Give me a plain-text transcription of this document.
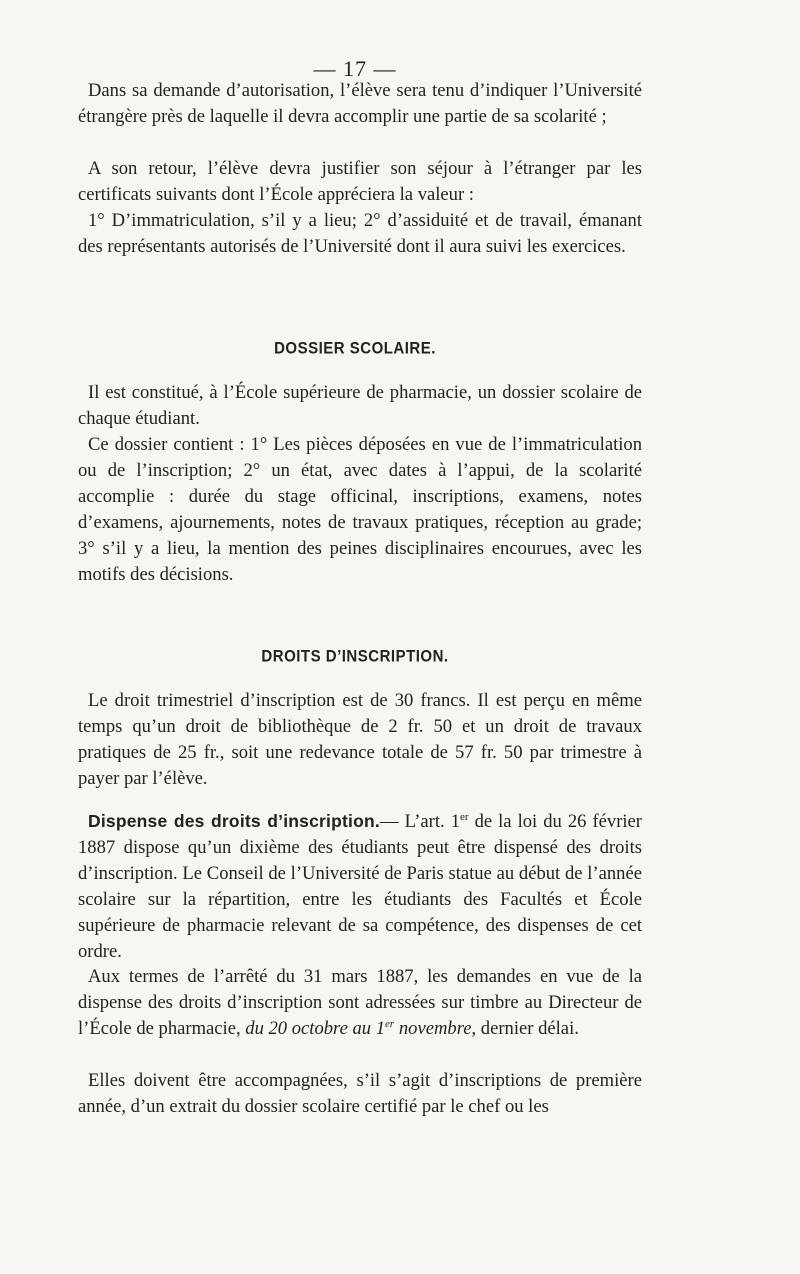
— 17 —

Dans sa demande d’autorisation, l’élève sera tenu d’indiquer l’Université étrangère près de laquelle il devra accomplir une partie de sa scolarité ;

A son retour, l’élève devra justifier son séjour à l’étranger par les certificats suivants dont l’École appréciera la valeur :

1° D’immatriculation, s’il y a lieu; 2° d’assiduité et de travail, émanant des représentants autorisés de l’Université dont il aura suivi les exercices.

DOSSIER SCOLAIRE.

Il est constitué, à l’École supérieure de pharmacie, un dossier scolaire de chaque étudiant.

Ce dossier contient : 1° Les pièces déposées en vue de l’immatriculation ou de l’inscription; 2° un état, avec dates à l’appui, de la scolarité accomplie : durée du stage officinal, inscriptions, examens, notes d’examens, ajournements, notes de travaux pratiques, réception au grade; 3° s’il y a lieu, la mention des peines disciplinaires encourues, avec les motifs des décisions.

DROITS D’INSCRIPTION.

Le droit trimestriel d’inscription est de 30 francs. Il est perçu en même temps qu’un droit de bibliothèque de 2 fr. 50 et un droit de travaux pratiques de 25 fr., soit une redevance totale de 57 fr. 50 par trimestre à payer par l’élève.

Dispense des droits d’inscription.— L’art. 1er de la loi du 26 février 1887 dispose qu’un dixième des étudiants peut être dispensé des droits d’inscription. Le Conseil de l’Université de Paris statue au début de l’année scolaire sur la répartition, entre les étudiants des Facultés et École supérieure de pharmacie relevant de sa compétence, des dispenses de cet ordre.

Aux termes de l’arrêté du 31 mars 1887, les demandes en vue de la dispense des droits d’inscription sont adressées sur timbre au Directeur de l’École de pharmacie, du 20 octobre au 1er novembre, dernier délai.

Elles doivent être accompagnées, s’il s’agit d’inscriptions de première année, d’un extrait du dossier scolaire certifié par le chef ou les
